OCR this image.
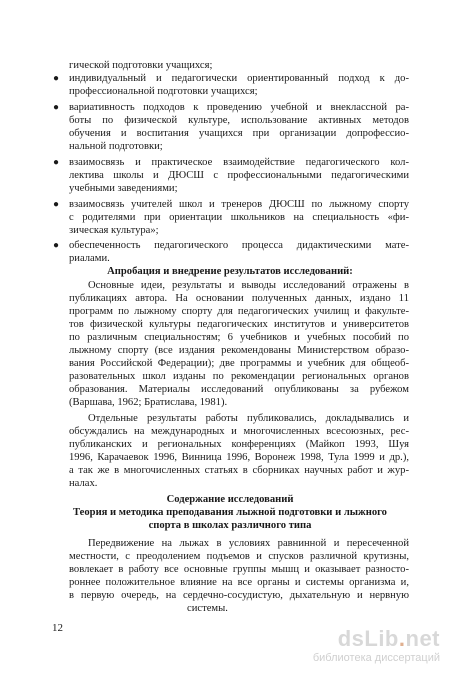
гической подготовки учащихся;
● индивидуальный и педагогически ориентированный подход к до-
профессиональной подготовки учащихся;
● вариативность подходов к проведению учебной и внеклассной ра-
боты по физической культуре, использование активных методов
обучения и воспитания учащихся при организации допрофессио-
нальной подготовки;
● взаимосвязь и практическое взаимодействие педагогического кол-
лектива школы и ДЮСШ с профессиональными педагогическими
учебными заведениями;
● взаимосвязь учителей школ и тренеров ДЮСШ по лыжному спорту
с родителями при ориентации школьников на специальность «фи-
зическая культура»;
● обеспеченность педагогического процесса дидактическими мате-
риалами.
Апробация и внедрение результатов исследований:
Основные идеи, результаты и выводы исследований отражены в
публикациях автора. На основании полученных данных, издано 11
программ по лыжному спорту для педагогических училищ и факульте-
тов физической культуры педагогических институтов и университетов
по различным специальностям; 6 учебников и учебных пособий по
лыжному спорту (все издания рекомендованы Министерством образо-
вания Российской Федерации); две программы и учебник для общеоб-
разовательных школ изданы по рекомендации региональных органов
образования. Материалы исследований опубликованы за рубежом
(Варшава, 1962; Братислава, 1981).
Отдельные результаты работы публиковались, докладывались и
обсуждались на международных и многочисленных всесоюзных, рес-
публиканских и региональных конференциях (Майкоп 1993, Шуя
1996, Карачаевок 1996, Винница 1996, Воронеж 1998, Тула 1999 и др.),
а так же в многочисленных статьях в сборниках научных работ и жур-
налах.
Содержание исследований
Теория и методика преподавания лыжной подготовки и лыжного
спорта в школах различного типа
Передвижение на лыжах в условиях равнинной и пересеченной
местности, с преодолением подъемов и спусков различной крутизны,
вовлекает в работу все основные группы мышц и оказывает разносто-
роннее положительное влияние на все органы и системы организма и,
в первую очередь, на сердечно-сосудистую, дыхательную и нервную
системы.
12	dsLib.net
библиотека диссертаций
